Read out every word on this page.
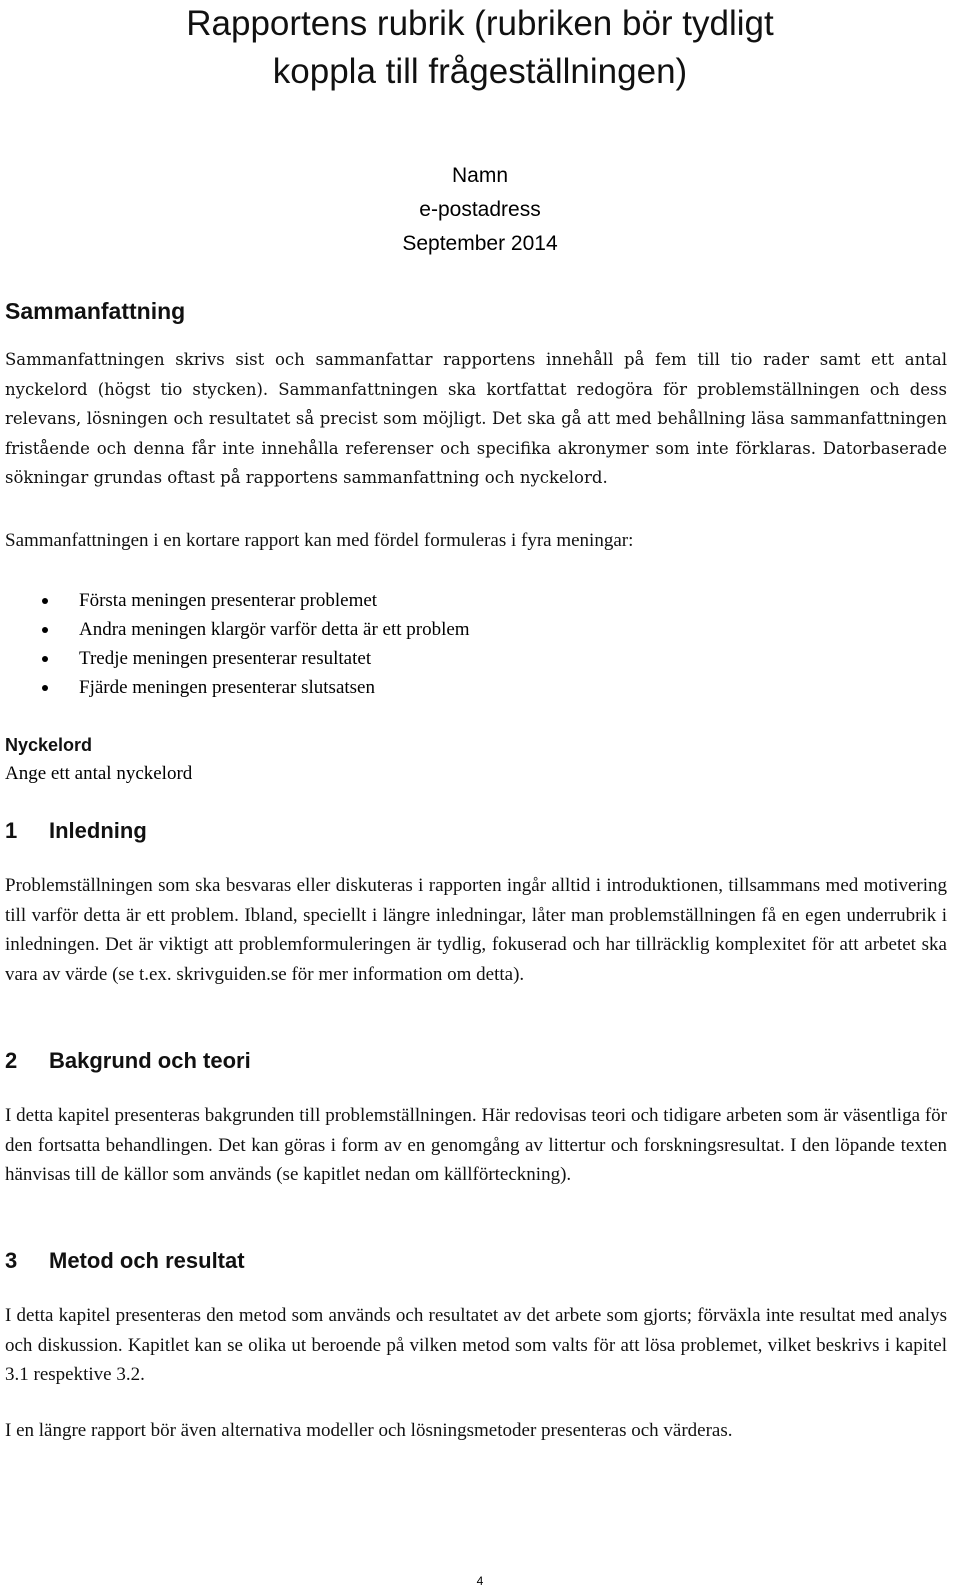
Rapportens rubrik (rubriken bör tydligt koppla till frågeställningen)
Namn
e-postadress
September 2014
Sammanfattning

Sammanfattningen skrivs sist och sammanfattar rapportens innehåll på fem till tio rader samt ett antal nyckelord (högst tio stycken). Sammanfattningen ska kortfattat redogöra för problemställningen och dess relevans, lösningen och resultatet så precist som möjligt. Det ska gå att med behållning läsa sammanfattningen fristående och denna får inte innehålla referenser och specifika akronymer som inte förklaras. Datorbaserade sökningar grundas oftast på rapportens sammanfattning och nyckelord.

Sammanfattningen i en kortare rapport kan med fördel formuleras i fyra meningar:

Första meningen presenterar problemet
Andra meningen klargör varför detta är ett problem
Tredje meningen presenterar resultatet
Fjärde meningen presenterar slutsatsen
Nyckelord

Ange ett antal nyckelord

1 Inledning

Problemställningen som ska besvaras eller diskuteras i rapporten ingår alltid i introduktionen, tillsammans med motivering till varför detta är ett problem. Ibland, speciellt i längre inledningar, låter man problemställningen få en egen underrubrik i inledningen. Det är viktigt att problemformuleringen är tydlig, fokuserad och har tillräcklig komplexitet för att arbetet ska vara av värde (se t.ex. skrivguiden.se för mer information om detta).

2 Bakgrund och teori

I detta kapitel presenteras bakgrunden till problemställningen. Här redovisas teori och tidigare arbeten som är väsentliga för den fortsatta behandlingen. Det kan göras i form av en genomgång av littertur och forskningsresultat. I den löpande texten hänvisas till de källor som används (se kapitlet nedan om källförteckning).

3 Metod och resultat

I detta kapitel presenteras den metod som används och resultatet av det arbete som gjorts; förväxla inte resultat med analys och diskussion. Kapitlet kan se olika ut beroende på vilken metod som valts för att lösa problemet, vilket beskrivs i kapitel 3.1 respektive 3.2.

I en längre rapport bör även alternativa modeller och lösningsmetoder presenteras och värderas.

4
